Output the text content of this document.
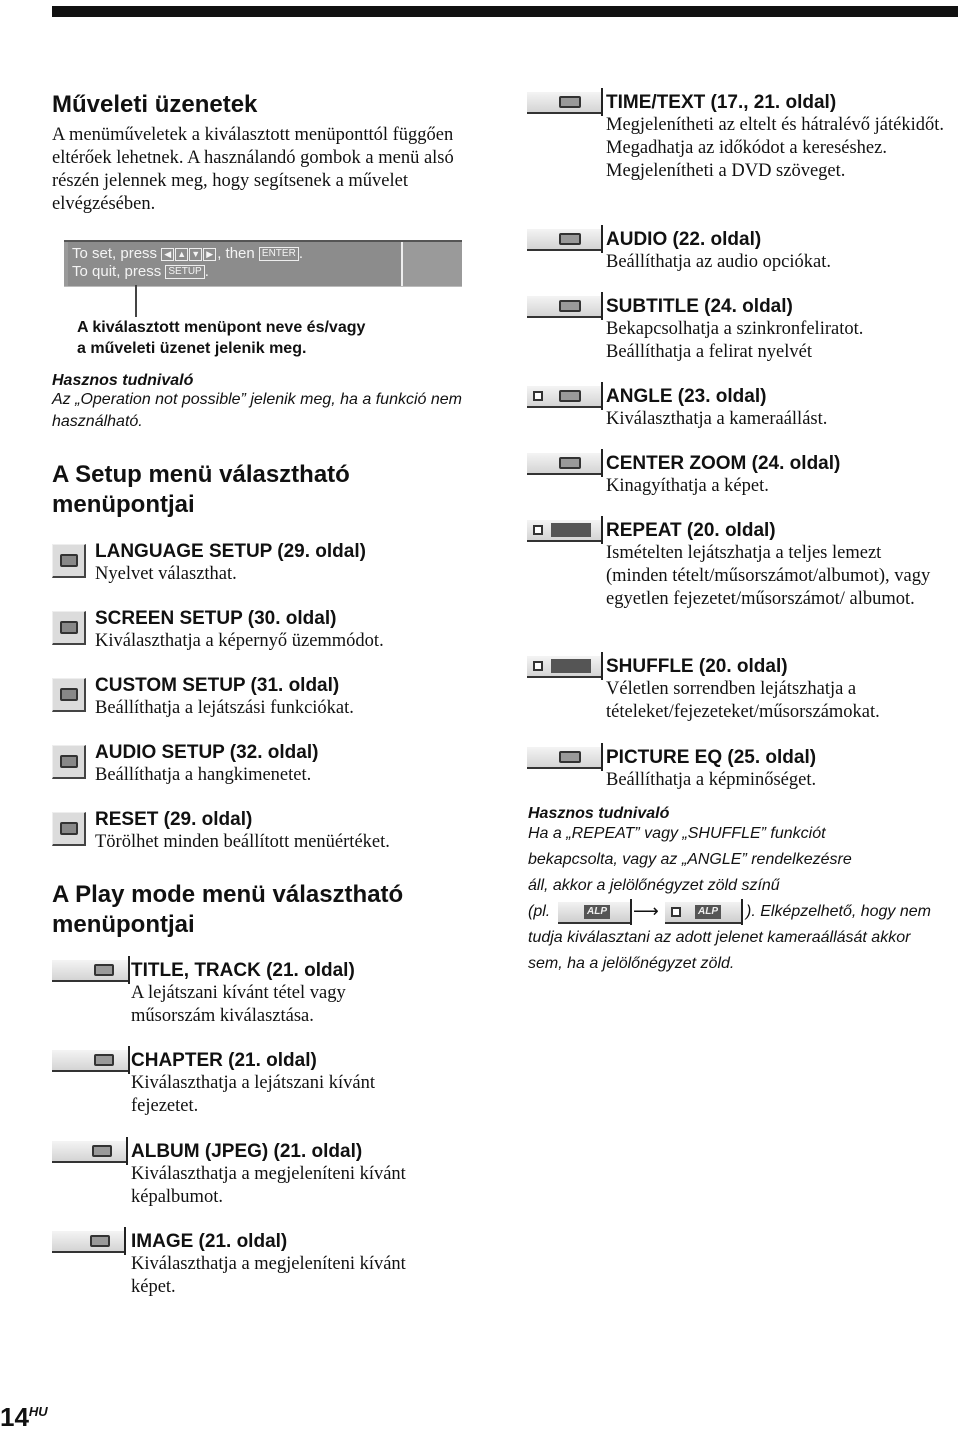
Műveleti üzenetek
A menüműveletek a kiválasztott menüponttól függően eltérőek lehetnek. A használandó gombok a menü alsó részén jelennek meg, hogy segítsenek a művelet elvégzésében.
To set, press ◀ ▲ ▼ ▶ , then ENTER .
To quit, press SETUP .
A kiválasztott menüpont neve és/vagy
a műveleti üzenet jelenik meg.
Hasznos tudnivaló
Az „Operation not possible” jelenik meg, ha a funkció nem használható.
A Setup menü választható menüpontjai
LANGUAGE SETUP (29. oldal)
Nyelvet választhat.
SCREEN SETUP (30. oldal)
Kiválaszthatja a képernyő üzemmódot.
CUSTOM SETUP (31. oldal)
Beállíthatja a lejátszási funkciókat.
AUDIO SETUP (32. oldal)
Beállíthatja a hangkimenetet.
RESET (29. oldal)
Törölhet minden beállított menüértéket.
A Play mode menü választható menüpontjai
TITLE, TRACK (21. oldal)
A lejátszani kívánt tétel vagy műsorszám kiválasztása.
CHAPTER (21. oldal)
Kiválaszthatja a lejátszani kívánt fejezetet.
ALBUM (JPEG) (21. oldal)
Kiválaszthatja a megjeleníteni kívánt képalbumot.
IMAGE (21. oldal)
Kiválaszthatja a megjeleníteni kívánt képet.
TIME/TEXT (17., 21. oldal)
Megjelenítheti az eltelt és hátralévő játékidőt. Megadhatja az időkódot a kereséshez. Megjelenítheti a DVD szöveget.
AUDIO (22. oldal)
Beállíthatja az audio opciókat.
SUBTITLE (24. oldal)
Bekapcsolhatja a szinkronfeliratot. Beállíthatja a felirat nyelvét
ANGLE (23. oldal)
Kiválaszthatja a kameraállást.
CENTER ZOOM (24. oldal)
Kinagyíthatja a képet.
REPEAT (20. oldal)
Ismételten lejátszhatja a teljes lemezt (minden tételt/műsorszámot/albumot), vagy egyetlen fejezetet/műsorszámot/ albumot.
SHUFFLE (20. oldal)
Véletlen sorrendben lejátszhatja a tételeket/fejezeteket/műsorszámokat.
PICTURE EQ (25. oldal)
Beállíthatja a képminőséget.
Hasznos tudnivaló
Ha a „REPEAT” vagy „SHUFFLE” funkciót
bekapcsolta, vagy az „ANGLE” rendelkezésre
áll, akkor a jelölőnégyzet zöld színű
(pl.	ALP ⟶	ALP ). Elképzelhető, hogy nem
tudja kiválasztani az adott jelenet kameraállását akkor
sem, ha a jelölőnégyzet zöld.
$14^{HU}$
